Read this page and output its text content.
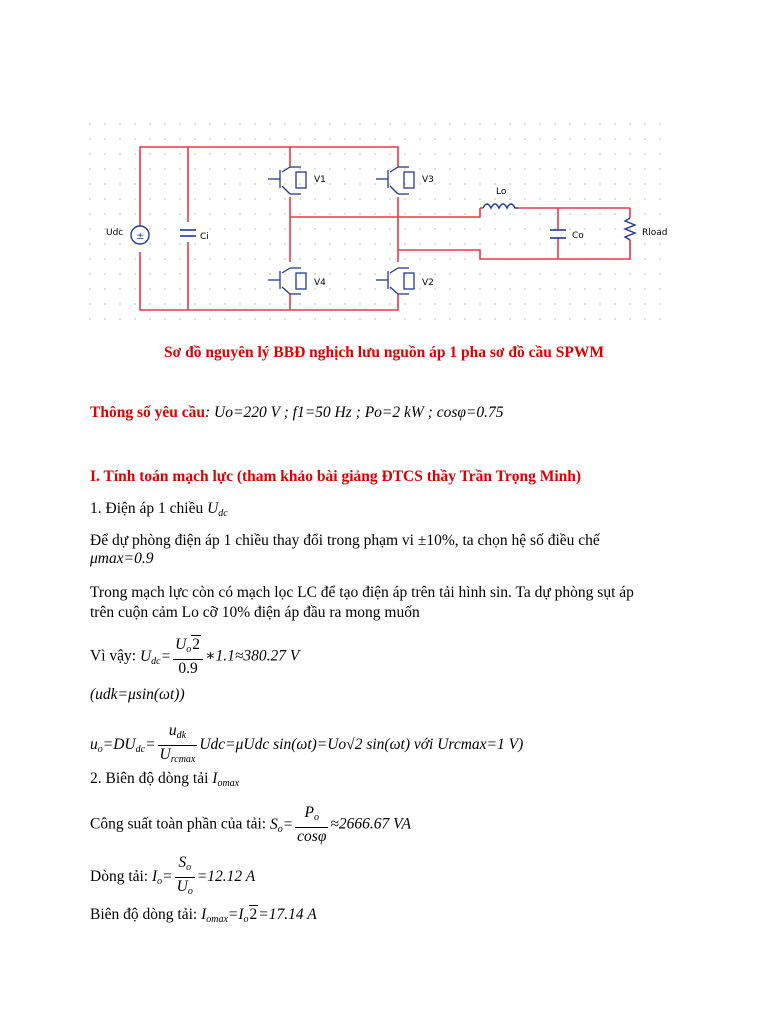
±
Udc	Ci
V1	V3
V4	V2
Lo
Co	Rload
Sơ đồ nguyên lý BBĐ nghịch lưu nguồn áp 1 pha sơ đồ cầu SPWM
Thông số yêu cầu: Uo=220 V ; f1=50 Hz ; Po=2 kW ; cosφ=0.75
I. Tính toán mạch lực (tham khảo bài giảng ĐTCS thầy Trần Trọng Minh)
1. Điện áp 1 chiều $U_{dc}$
Để dự phòng điện áp 1 chiều thay đổi trong phạm vi ±10%, ta chọn hệ số điều chế
μmax=0.9
Trong mạch lực còn có mạch lọc LC để tạo điện áp trên tải hình sin. Ta dự phòng sụt áp
trên cuộn cảm Lo cỡ 10% điện áp đầu ra mong muốn
Vì vậy: $U_{dc}= \frac{U_o2}{0.9}$ ∗1.1≈380.27 V
(udk=μsin(ωt))
$u_o=DU_{dc}= \frac{u_{dk}}{U_{rcmax}} Udc=\mu Udc$ sin(ωt)=Uo√2 sin(ωt) với Urcmax=1 V)
2. Biên độ dòng tải $I_{omax}$
Công suất toàn phần của tải: $S_o= \frac{P_o}{\cos\varphi} \approx 2666.67$ VA
Dòng tải: $I_o= \frac{S_o}{U_o} =12.12$ A
Biên độ dòng tải: $I_{omax}=I_o2=17.14$ A
